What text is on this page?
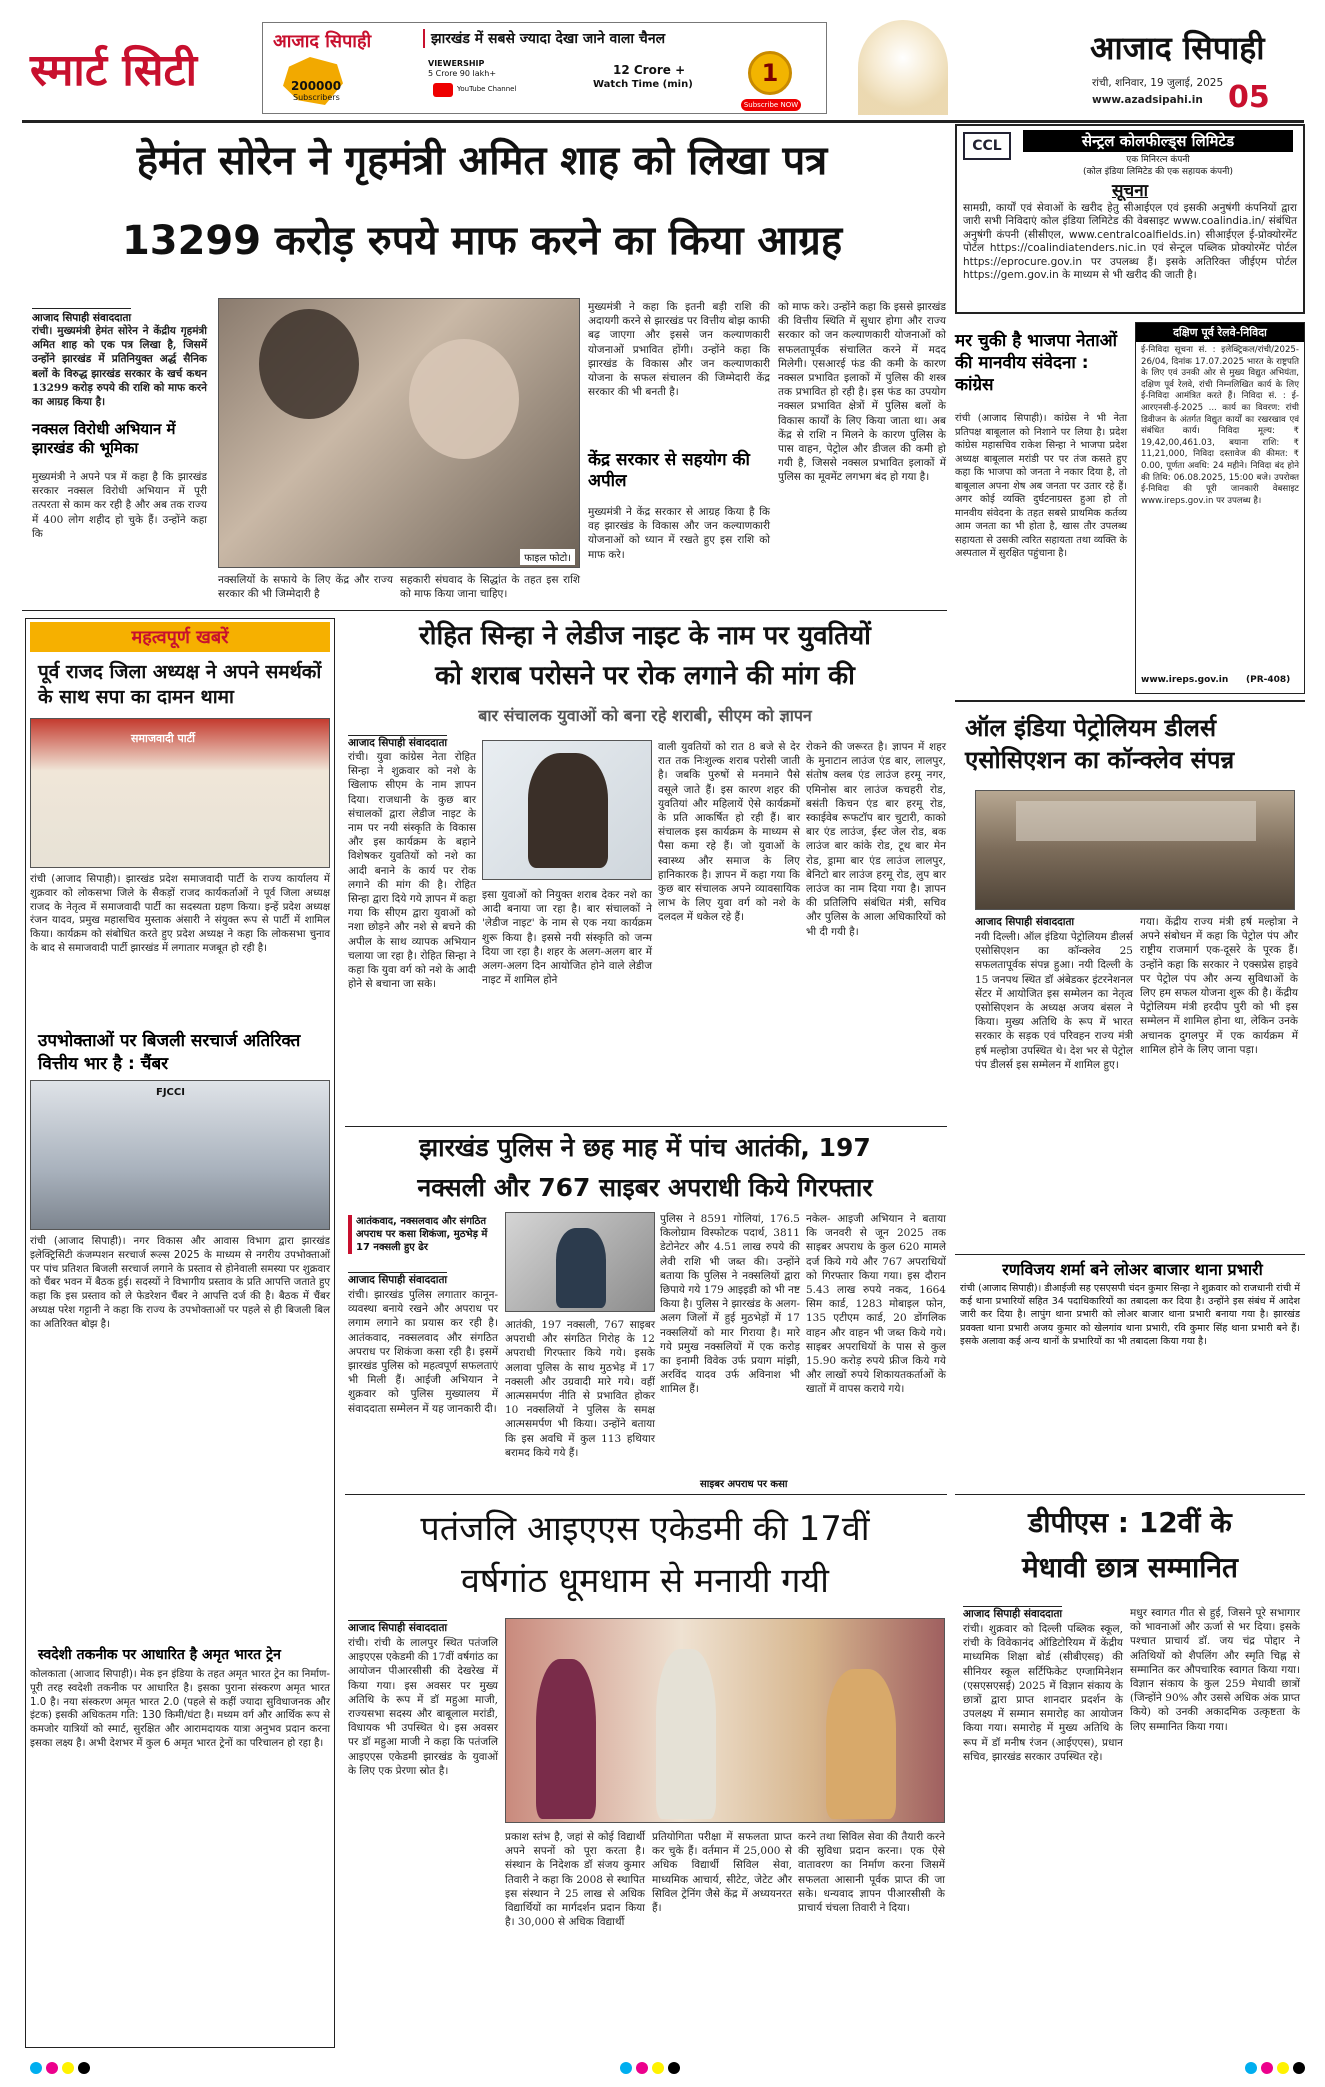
स्मार्ट सिटी
आजाद सिपाही	झारखंड में सबसे ज्यादा देखा जाने वाला चैनल
200000
Subscribers
VIEWERSHIP
5 Crore 90 lakh+
YouTube Channel
12 Crore +
Watch Time (min)	1
Subscribe NOW
आजाद सिपाही
रांची, शनिवार, 19 जुलाई, 2025
www.azadsipahi.in 05
हेमंत सोरेन ने गृहमंत्री अमित शाह को लिखा पत्र
13299 करोड़ रुपये माफ करने का किया आग्रह
आजाद सिपाही संवाददाता
रांची। मुख्यमंत्री हेमंत सोरेन ने केंद्रीय गृहमंत्री अमित शाह को एक पत्र लिखा है, जिसमें उन्होंने झारखंड में प्रतिनियुक्त अर्द्ध सैनिक बलों के विरुद्ध झारखंड सरकार के खर्च कथन 13299 करोड़ रुपये की राशि को माफ करने का आग्रह किया है।
नक्सल विरोधी अभियान में झारखंड की भूमिका
मुख्यमंत्री ने अपने पत्र में कहा है कि झारखंड सरकार नक्सल विरोधी अभियान में पूरी तत्परता से काम कर रही है और अब तक राज्य में 400 लोग शहीद हो चुके हैं। उन्होंने कहा कि
फाइल फोटो।
नक्सलियों के सफाये के लिए केंद्र और राज्य सरकार की भी जिम्मेदारी है
सहकारी संघवाद के सिद्धांत के तहत इस राशि को माफ किया जाना चाहिए।
मुख्यमंत्री ने कहा कि इतनी बड़ी राशि की अदायगी करने से झारखंड पर वित्तीय बोझ काफी बढ़ जाएगा और इससे जन कल्याणकारी योजनाओं प्रभावित होंगी। उन्होंने कहा कि झारखंड के विकास और जन कल्याणकारी योजना के सफल संचालन की जिम्मेदारी केंद्र सरकार की भी बनती है।
केंद्र सरकार से सहयोग की अपील
मुख्यमंत्री ने केंद्र सरकार से आग्रह किया है कि वह झारखंड के विकास और जन कल्याणकारी योजनाओं को ध्यान में रखते हुए इस राशि को माफ करे।
को माफ करे। उन्होंने कहा कि इससे झारखंड की वित्तीय स्थिति में सुधार होगा और राज्य सरकार को जन कल्याणकारी योजनाओं को सफलतापूर्वक संचालित करने में मदद मिलेगी। एसआरई फंड की कमी के कारण नक्सल प्रभावित इलाकों में पुलिस की शस्त्र तक प्रभावित हो रही है। इस फंड का उपयोग नक्सल प्रभावित क्षेत्रों में पुलिस बलों के विकास कार्यों के लिए किया जाता था। अब केंद्र से राशि न मिलने के कारण पुलिस के पास वाहन, पेट्रोल और डीजल की कमी हो गयी है, जिससे नक्सल प्रभावित इलाकों में पुलिस का मूवमेंट लगभग बंद हो गया है।
CCL	सेन्ट्रल कोलफील्ड्स लिमिटेड
एक मिनिरत्न कंपनी
(कोल इंडिया लिमिटेड की एक सहायक कंपनी)
सूचना
सामग्री, कार्यों एवं सेवाओं के खरीद हेतु सीआईएल एवं इसकी अनुषंगी कंपनियों द्वारा जारी सभी निविदाएं कोल इंडिया लिमिटेड की वेबसाइट www.coalindia.in/ संबंधित अनुषंगी कंपनी (सीसीएल, www.centralcoalfields.in) सीआईएल ई-प्रोक्योरमेंट पोर्टल https://coalindiatenders.nic.in एवं सेन्ट्रल पब्लिक प्रोक्योरमेंट पोर्टल https://eprocure.gov.in पर उपलब्ध हैं। इसके अतिरिक्त जीईएम पोर्टल https://gem.gov.in के माध्यम से भी खरीद की जाती है।
मर चुकी है भाजपा नेताओं की मानवीय संवेदना : कांग्रेस
रांची (आजाद सिपाही)। कांग्रेस ने भी नेता प्रतिपक्ष बाबूलाल को निशाने पर लिया है। प्रदेश कांग्रेस महासचिव राकेश सिन्हा ने भाजपा प्रदेश अध्यक्ष बाबूलाल मरांडी पर पर तंज कसते हुए कहा कि भाजपा को जनता ने नकार दिया है, तो बाबूलाल अपना शेष अब जनता पर उतार रहे हैं। अगर कोई व्यक्ति दुर्घटनाग्रस्त हुआ हो तो मानवीय संवेदना के तहत सबसे प्राथमिक कर्तव्य आम जनता का भी होता है, खास तौर उपलब्ध सहायता से उसकी त्वरित सहायता तथा व्यक्ति के अस्पताल में सुरक्षित पहुंचाना है।
दक्षिण पूर्व रेलवे-निविदा
ई-निविदा सूचना सं. : इलेक्ट्रिकल/रांची/2025-26/04, दिनांक 17.07.2025 भारत के राष्ट्रपति के लिए एवं उनकी ओर से मुख्य विद्युत अभियंता, दक्षिण पूर्व रेलवे, रांची निम्नलिखित कार्य के लिए ई-निविदा आमंत्रित करते हैं। निविदा सं. : ई-आरएनसी-ई-2025 ... कार्य का विवरण: रांची डिवीजन के अंतर्गत विद्युत कार्यों का रखरखाव एवं संबंधित कार्य। निविदा मूल्य: ₹ 19,42,00,461.03, बयाना राशि: ₹ 11,21,000, निविदा दस्तावेज की कीमत: ₹ 0.00, पूर्णता अवधि: 24 महीने। निविदा बंद होने की तिथि: 06.08.2025, 15:00 बजे। उपरोक्त ई-निविदा की पूरी जानकारी वेबसाइट www.ireps.gov.in पर उपलब्ध है।
www.ireps.gov.in (PR-408)
महत्वपूर्ण खबरें
पूर्व राजद जिला अध्यक्ष ने अपने समर्थकों के साथ सपा का दामन थामा
समाजवादी पार्टी
रांची (आजाद सिपाही)। झारखंड प्रदेश समाजवादी पार्टी के राज्य कार्यालय में शुक्रवार को लोकसभा जिले के सैकड़ों राजद कार्यकर्ताओं ने पूर्व जिला अध्यक्ष राजद के नेतृत्व में समाजवादी पार्टी का सदस्यता ग्रहण किया। इन्हें प्रदेश अध्यक्ष रंजन यादव, प्रमुख महासचिव मुस्ताक अंसारी ने संयुक्त रूप से पार्टी में शामिल किया। कार्यक्रम को संबोधित करते हुए प्रदेश अध्यक्ष ने कहा कि लोकसभा चुनाव के बाद से समाजवादी पार्टी झारखंड में लगातार मजबूत हो रही है।
उपभोक्ताओं पर बिजली सरचार्ज अतिरिक्त वित्तीय भार है : चैंबर
FJCCI
रांची (आजाद सिपाही)। नगर विकास और आवास विभाग द्वारा झारखंड इलेक्ट्रिसिटी कंजम्पशन सरचार्ज रूल्स 2025 के माध्यम से नगरीय उपभोक्ताओं पर पांच प्रतिशत बिजली सरचार्ज लगाने के प्रस्ताव से होनेवाली समस्या पर शुक्रवार को चैंबर भवन में बैठक हुई। सदस्यों ने विभागीय प्रस्ताव के प्रति आपत्ति जताते हुए कहा कि इस प्रस्ताव को ले फेडरेशन चैंबर ने आपत्ति दर्ज की है। बैठक में चैंबर अध्यक्ष परेश गट्टानी ने कहा कि राज्य के उपभोक्ताओं पर पहले से ही बिजली बिल का अतिरिक्त बोझ है।
स्वदेशी तकनीक पर आधारित है अमृत भारत ट्रेन
कोलकाता (आजाद सिपाही)। मेक इन इंडिया के तहत अमृत भारत ट्रेन का निर्माण-पूरी तरह स्वदेशी तकनीक पर आधारित है। इसका पुराना संस्करण अमृत भारत 1.0 है। नया संस्करण अमृत भारत 2.0 (पहले से कहीं ज्यादा सुविधाजनक और इंटक) इसकी अधिकतम गति: 130 किमी/घंटा है। मध्यम वर्ग और आर्थिक रूप से कमजोर यात्रियों को स्मार्ट, सुरक्षित और आरामदायक यात्रा अनुभव प्रदान करना इसका लक्ष्य है। अभी देशभर में कुल 6 अमृत भारत ट्रेनों का परिचालन हो रहा है।
रोहित सिन्हा ने लेडीज नाइट के नाम पर युवतियों
को शराब परोसने पर रोक लगाने की मांग की
बार संचालक युवाओं को बना रहे शराबी, सीएम को ज्ञापन
आजाद सिपाही संवाददाता
रांची। युवा कांग्रेस नेता रोहित सिन्हा ने शुक्रवार को नशे के खिलाफ सीएम के नाम ज्ञापन दिया। राजधानी के कुछ बार संचालकों द्वारा लेडीज नाइट के नाम पर नयी संस्कृति के विकास और इस कार्यक्रम के बहाने विशेषकर युवतियों को नशे का आदी बनाने के कार्य पर रोक लगाने की मांग की है। रोहित सिन्हा द्वारा दिये गये ज्ञापन में कहा गया कि सीएम द्वारा युवाओं को नशा छोड़ने और नशे से बचने की अपील के साथ व्यापक अभियान चलाया जा रहा है। रोहित सिन्हा ने कहा कि युवा वर्ग को नशे के आदी होने से बचाना जा सके।
इसा युवाओं को नियुक्त शराब देकर नशे का आदी बनाया जा रहा है। बार संचालकों ने 'लेडीज नाइट' के नाम से एक नया कार्यक्रम शुरू किया है। इससे नयी संस्कृति को जन्म दिया जा रहा है। शहर के अलग-अलग बार में अलग-अलग दिन आयोजित होने वाले लेडीज नाइट में शामिल होने
वाली युवतियों को रात 8 बजे से देर रात तक निःशुल्क शराब परोसी जाती है। जबकि पुरुषों से मनमाने पैसे वसूले जाते हैं। इस कारण शहर की युवतियां और महिलायें ऐसे कार्यक्रमों के प्रति आकर्षित हो रही हैं। बार संचालक इस कार्यक्रम के माध्यम से पैसा कमा रहे हैं। जो युवाओं के स्वास्थ्य और समाज के लिए हानिकारक है। ज्ञापन में कहा गया कि कुछ बार संचालक अपने व्यावसायिक लाभ के लिए युवा वर्ग को नशे के दलदल में धकेल रहे हैं।
रोकने की जरूरत है। ज्ञापन में शहर के मुनाटान लाउंज एंड बार, लालपुर, संतोष क्लब एंड लाउंज हरमू नगर, एमिनोस बार लाउंज कचहरी रोड, बसंती किचन एंड बार हरमू रोड, स्काईवेब रूफटॉप बार चुटारी, काको बार एंड लाउंज, ईस्ट जेल रोड, बक लाउंज बार कांके रोड, टूथ बार मेन रोड, ड्रामा बार एंड लाउंज लालपुर, बेनिटो बार लाउंज हरमू रोड, लुप बार लाउंज का नाम दिया गया है। ज्ञापन की प्रतिलिपि संबंधित मंत्री, सचिव और पुलिस के आला अधिकारियों को भी दी गयी है।
झारखंड पुलिस ने छह माह में पांच आतंकी, 197
नक्सली और 767 साइबर अपराधी किये गिरफ्तार
आतंकवाद, नक्सलवाद और संगठित अपराध पर कसा शिकंजा, मुठभेड़ में 17 नक्सली हुए ढेर
आजाद सिपाही संवाददाता
रांची। झारखंड पुलिस लगातार कानून-व्यवस्था बनाये रखने और अपराध पर लगाम लगाने का प्रयास कर रही है। आतंकवाद, नक्सलवाद और संगठित अपराध पर शिकंजा कसा रही है। इसमें झारखंड पुलिस को महत्वपूर्ण सफलताएं भी मिली हैं। आईजी अभियान ने शुक्रवार को पुलिस मुख्यालय में संवाददाता सम्मेलन में यह जानकारी दी।
आतंकी, 197 नक्सली, 767 साइबर अपराधी और संगठित गिरोह के 12 अपराधी गिरफ्तार किये गये। इसके अलावा पुलिस के साथ मुठभेड़ में 17 नक्सली और उग्रवादी मारे गये। वहीं आत्मसमर्पण नीति से प्रभावित होकर 10 नक्सलियों ने पुलिस के समक्ष आत्मसमर्पण भी किया। उन्होंने बताया कि इस अवधि में कुल 113 हथियार बरामद किये गये हैं।
पुलिस ने 8591 गोलियां, 176.5 किलोग्राम विस्फोटक पदार्थ, 3811 डेटोनेटर और 4.51 लाख रुपये की लेवी राशि भी जब्त की। उन्होंने बताया कि पुलिस ने नक्सलियों द्वारा छिपाये गये 179 आइइडी को भी नष्ट किया है। पुलिस ने झारखंड के अलग-अलग जिलों में हुई मुठभेड़ों में 17 नक्सलियों को मार गिराया है। मारे गये प्रमुख नक्सलियों में एक करोड़ का इनामी विवेक उर्फ प्रयाग मांझी, अरविंद यादव उर्फ अविनाश भी शामिल हैं।
नकेल- आइजी अभियान ने बताया कि जनवरी से जून 2025 तक साइबर अपराध के कुल 620 मामले दर्ज किये गये और 767 अपराधियों को गिरफ्तार किया गया। इस दौरान 5.43 लाख रुपये नकद, 1664 सिम कार्ड, 1283 मोबाइल फोन, 135 एटीएम कार्ड, 20 डोंगलिक वाहन और वाहन भी जब्त किये गये। साइबर अपराधियों के पास से कुल 15.90 करोड़ रुपये फ्रीज किये गये और लाखों रुपये शिकायतकर्ताओं के खातों में वापस कराये गये।
साइबर अपराध पर कसा
ऑल इंडिया पेट्रोलियम डीलर्स एसोसिएशन का कॉन्क्लेव संपन्न
आजाद सिपाही संवाददाता
नयी दिल्ली। ऑल इंडिया पेट्रोलियम डीलर्स एसोसिएशन का कॉन्क्लेव 25 सफलतापूर्वक संपन्न हुआ। नयी दिल्ली के 15 जनपथ स्थित डॉ अंबेडकर इंटरनेशनल सेंटर में आयोजित इस सम्मेलन का नेतृत्व एसोसिएशन के अध्यक्ष अजय बंसल ने किया। मुख्य अतिथि के रूप में भारत सरकार के सड़क एवं परिवहन राज्य मंत्री हर्ष मल्होत्रा उपस्थित थे। देश भर से पेट्रोल पंप डीलर्स इस सम्मेलन में शामिल हुए।
गया। केंद्रीय राज्य मंत्री हर्ष मल्होत्रा ने अपने संबोधन में कहा कि पेट्रोल पंप और राष्ट्रीय राजमार्ग एक-दूसरे के पूरक हैं। उन्होंने कहा कि सरकार ने एक्सप्रेस हाइवे पर पेट्रोल पंप और अन्य सुविधाओं के लिए हम सफल योजना शुरू की है। केंद्रीय पेट्रोलियम मंत्री हरदीप पुरी को भी इस सम्मेलन में शामिल होना था, लेकिन उनके अचानक दुगलपुर में एक कार्यक्रम में शामिल होने के लिए जाना पड़ा।
रणविजय शर्मा बने लोअर बाजार थाना प्रभारी
रांची (आजाद सिपाही)। डीआईजी सह एसएसपी चंदन कुमार सिन्हा ने शुक्रवार को राजधानी रांची में कई थाना प्रभारियों सहित 34 पदाधिकारियों का तबादला कर दिया है। उन्होंने इस संबंध में आदेश जारी कर दिया है। लापुंग थाना प्रभारी को लोअर बाजार थाना प्रभारी बनाया गया है। झारखंड प्रवक्ता थाना प्रभारी अजय कुमार को खेलगांव थाना प्रभारी, रवि कुमार सिंह थाना प्रभारी बने हैं। इसके अलावा कई अन्य थानों के प्रभारियों का भी तबादला किया गया है।
पतंजलि आइएएस एकेडमी की 17वीं
वर्षगांठ धूमधाम से मनायी गयी
आजाद सिपाही संवाददाता
रांची। रांची के लालपुर स्थित पतंजलि आइएएस एकेडमी की 17वीं वर्षगांठ का आयोजन पीआरसीसी की देखरेख में किया गया। इस अवसर पर मुख्य अतिथि के रूप में डॉ महुआ माजी, राज्यसभा सदस्य और बाबूलाल मरांडी, विधायक भी उपस्थित थे। इस अवसर पर डॉ महुआ माजी ने कहा कि पतंजलि आइएएस एकेडमी झारखंड के युवाओं के लिए एक प्रेरणा स्रोत है।
प्रकाश स्तंभ है, जहां से कोई विद्यार्थी अपने सपनों को पूरा करता है। संस्थान के निदेशक डॉ संजय कुमार तिवारी ने कहा कि 2008 से स्थापित इस संस्थान ने 25 लाख से अधिक विद्यार्थियों का मार्गदर्शन प्रदान किया है। 30,000 से अधिक विद्यार्थी
प्रतियोगिता परीक्षा में सफलता प्राप्त कर चुके हैं। वर्तमान में 25,000 से अधिक विद्यार्थी सिविल सेवा, माध्यमिक आचार्य, सीटेट, जेटेट और सिविल ट्रेनिंग जैसे केंद्र में अध्ययनरत हैं।
करने तथा सिविल सेवा की तैयारी करने की सुविधा प्रदान करना। एक ऐसे वातावरण का निर्माण करना जिसमें सफलता आसानी पूर्वक प्राप्त की जा सके। धन्यवाद ज्ञापन पीआरसीसी के प्राचार्य चंचला तिवारी ने दिया।
डीपीएस : 12वीं के
मेधावी छात्र सम्मानित
आजाद सिपाही संवाददाता
रांची। शुक्रवार को दिल्ली पब्लिक स्कूल, रांची के विवेकानंद ऑडिटोरियम में केंद्रीय माध्यमिक शिक्षा बोर्ड (सीबीएसइ) की सीनियर स्कूल सर्टिफिकेट एग्जामिनेशन (एसएसएसई) 2025 में विज्ञान संकाय के छात्रों द्वारा प्राप्त शानदार प्रदर्शन के उपलक्ष्य में सम्मान समारोह का आयोजन किया गया। समारोह में मुख्य अतिथि के रूप में डॉ मनीष रंजन (आईएएस), प्रधान सचिव, झारखंड सरकार उपस्थित रहे।
मधुर स्वागत गीत से हुई, जिसने पूरे सभागार को भावनाओं और ऊर्जा से भर दिया। इसके पश्चात प्राचार्य डॉ. जय चंद्र पोद्दार ने अतिथियों को शैपलिंग और स्मृति चिह्न से सम्मानित कर औपचारिक स्वागत किया गया। विज्ञान संकाय के कुल 259 मेधावी छात्रों (जिन्होंने 90% और उससे अधिक अंक प्राप्त किये) को उनकी अकादमिक उत्कृष्टता के लिए सम्मानित किया गया।
